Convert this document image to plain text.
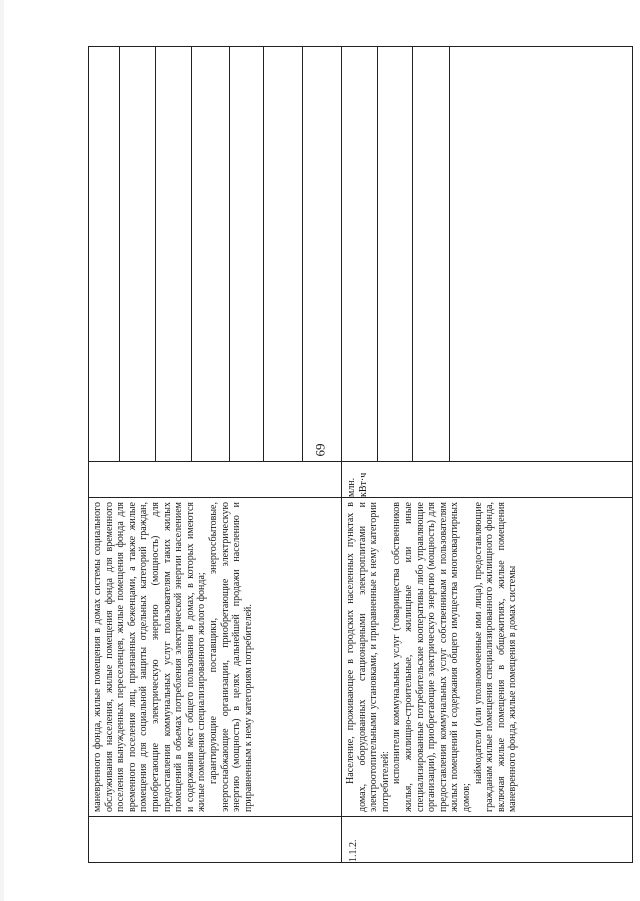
69

маневренного фонда, жилые помещения в домах системы социального обслуживания населения, жилые помещения фонда для временного поселения вынужденных переселенцев, жилые помещения фонда для временного поселения лиц, признанных беженцами, а также жилые помещения для социальной защиты отдельных категорий граждан, приобретающие электрическую энергию (мощность) для предоставления коммунальных услуг пользователям таких жилых помещений в объемах потребления электрической энергии населением и содержания мест общего пользования в домах, в которых имеются жилые помещения специализированного жилого фонда; гарантирующие поставщики, энергосбытовые, энергоснабжающие организации, приобретающие электрическую энергию (мощность) в целях дальнейшей продажи населению и приравненным к нему категориям потребителей.

1.1.2.

Население, проживающее в городских населенных пунктах в домах, оборудованных стационарными электроплитами и электроотопительными установками, и приравненные к нему категории потребителей: исполнители коммунальных услуг (товарищества собственников жилья, жилищно-строительные, жилищные или иные специализированные потребительские кооперативы либо управляющие организации), приобретающие электрическую энергию (мощность) для предоставления коммунальных услуг собственникам и пользователям жилых помещений и содержания общего имущества многоквартирных домов;

наймодатели (или уполномоченные ими лица), предоставляющие гражданам жилые помещения специализированного жилищного фонда, включая жилые помещения в общежитиях, жилые помещения маневренного фонда, жилые помещения в домах системы

млн. кВт·ч
